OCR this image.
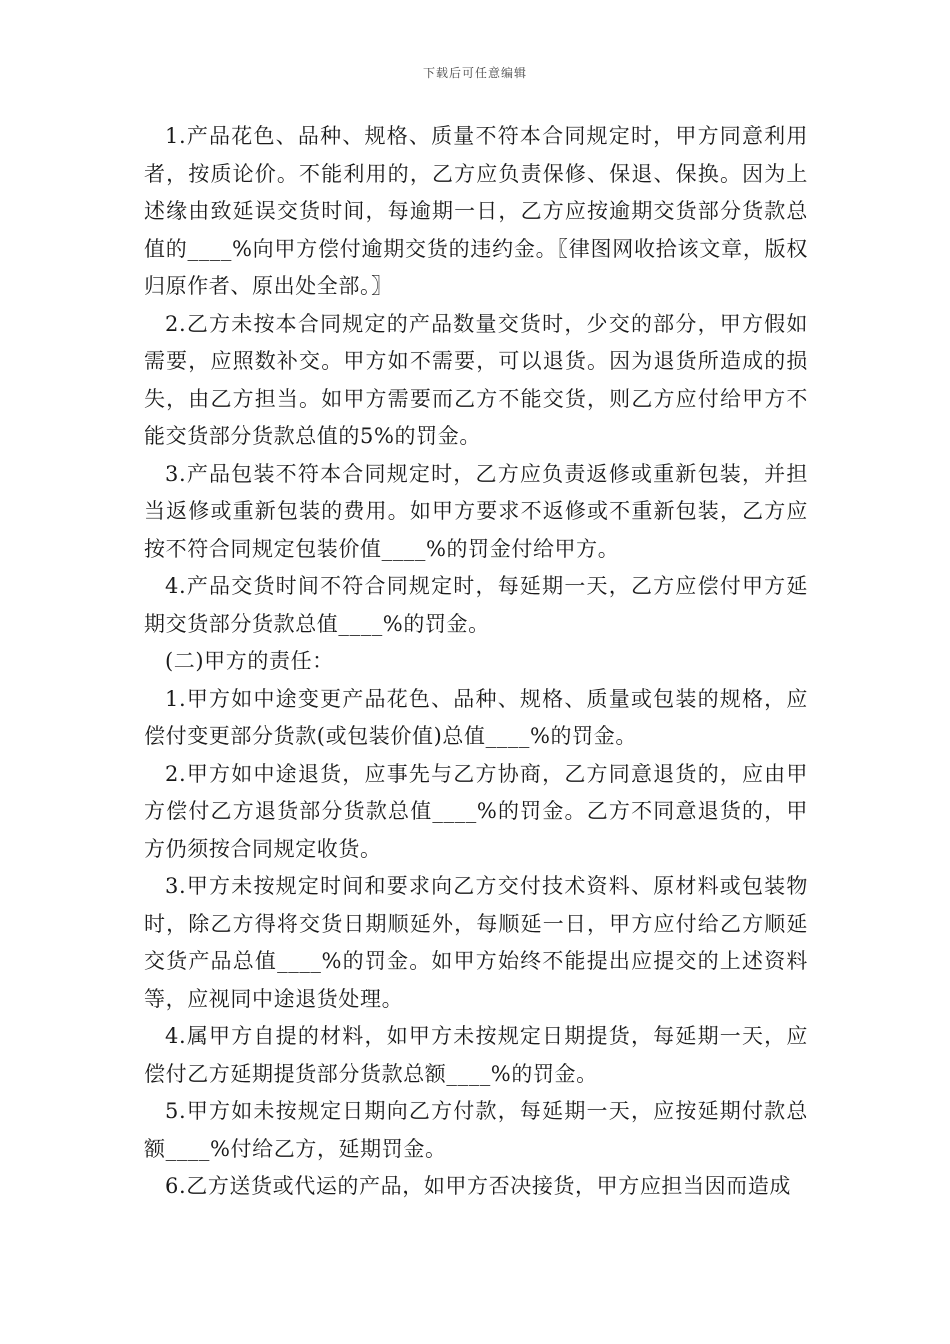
下载后可任意编辑

1.产品花色、品种、规格、质量不符本合同规定时，甲方同意利用者，按质论价。不能利用的，乙方应负责保修、保退、保换。因为上述缘由致延误交货时间，每逾期一日，乙方应按逾期交货部分货款总值的____%向甲方偿付逾期交货的违约金。〖律图网收拾该文章，版权归原作者、原出处全部。〗

2.乙方未按本合同规定的产品数量交货时，少交的部分，甲方假如需要，应照数补交。甲方如不需要，可以退货。因为退货所造成的损失，由乙方担当。如甲方需要而乙方不能交货，则乙方应付给甲方不能交货部分货款总值的5%的罚金。

3.产品包装不符本合同规定时，乙方应负责返修或重新包装，并担当返修或重新包装的费用。如甲方要求不返修或不重新包装，乙方应按不符合同规定包装价值____%的罚金付给甲方。

4.产品交货时间不符合同规定时，每延期一天，乙方应偿付甲方延期交货部分货款总值____%的罚金。

(二)甲方的责任：

1.甲方如中途变更产品花色、品种、规格、质量或包装的规格，应偿付变更部分货款(或包装价值)总值____%的罚金。

2.甲方如中途退货，应事先与乙方协商，乙方同意退货的，应由甲方偿付乙方退货部分货款总值____%的罚金。乙方不同意退货的，甲方仍须按合同规定收货。

3.甲方未按规定时间和要求向乙方交付技术资料、原材料或包装物时，除乙方得将交货日期顺延外，每顺延一日，甲方应付给乙方顺延交货产品总值____%的罚金。如甲方始终不能提出应提交的上述资料等，应视同中途退货处理。

4.属甲方自提的材料，如甲方未按规定日期提货，每延期一天，应偿付乙方延期提货部分货款总额____%的罚金。

5.甲方如未按规定日期向乙方付款，每延期一天，应按延期付款总额____%付给乙方，延期罚金。

6.乙方送货或代运的产品，如甲方否决接货，甲方应担当因而造成
